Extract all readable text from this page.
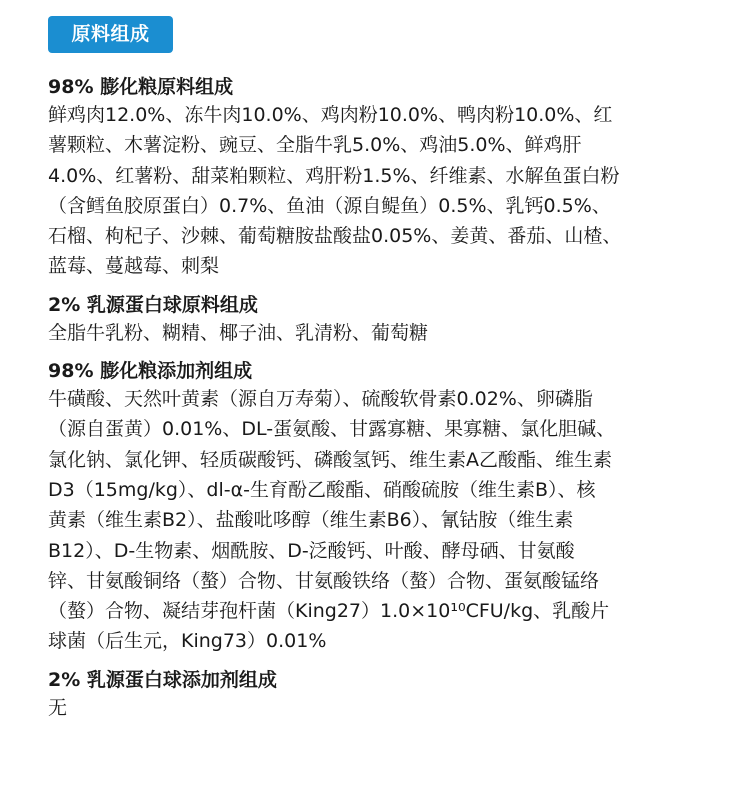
原料组成

98% 膨化粮原料组成

鲜鸡肉12.0%、冻牛肉10.0%、鸡肉粉10.0%、鸭肉粉10.0%、红
薯颗粒、木薯淀粉、豌豆、全脂牛乳5.0%、鸡油5.0%、鲜鸡肝
4.0%、红薯粉、甜菜粕颗粒、鸡肝粉1.5%、纤维素、水解鱼蛋白粉
（含鳕鱼胶原蛋白）0.7%、鱼油（源自鳀鱼）0.5%、乳钙0.5%、
石榴、枸杞子、沙棘、葡萄糖胺盐酸盐0.05%、姜黄、番茄、山楂、
蓝莓、蔓越莓、刺梨

2% 乳源蛋白球原料组成

全脂牛乳粉、糊精、椰子油、乳清粉、葡萄糖

98% 膨化粮添加剂组成

牛磺酸、天然叶黄素（源自万寿菊）、硫酸软骨素0.02%、卵磷脂
（源自蛋黄）0.01%、DL-蛋氨酸、甘露寡糖、果寡糖、氯化胆碱、
氯化钠、氯化钾、轻质碳酸钙、磷酸氢钙、维生素A乙酸酯、维生素
D3（15mg/kg）、dl-α-生育酚乙酸酯、硝酸硫胺（维生素B）、核
黄素（维生素B2）、盐酸吡哆醇（维生素B6）、氰钴胺（维生素
B12）、D-生物素、烟酰胺、D-泛酸钙、叶酸、酵母硒、甘氨酸
锌、甘氨酸铜络（螯）合物、甘氨酸铁络（螯）合物、蛋氨酸锰络
（螯）合物、凝结芽孢杆菌（King27）1.0×10¹⁰CFU/kg、乳酸片
球菌（后生元，King73）0.01%

2% 乳源蛋白球添加剂组成

无
